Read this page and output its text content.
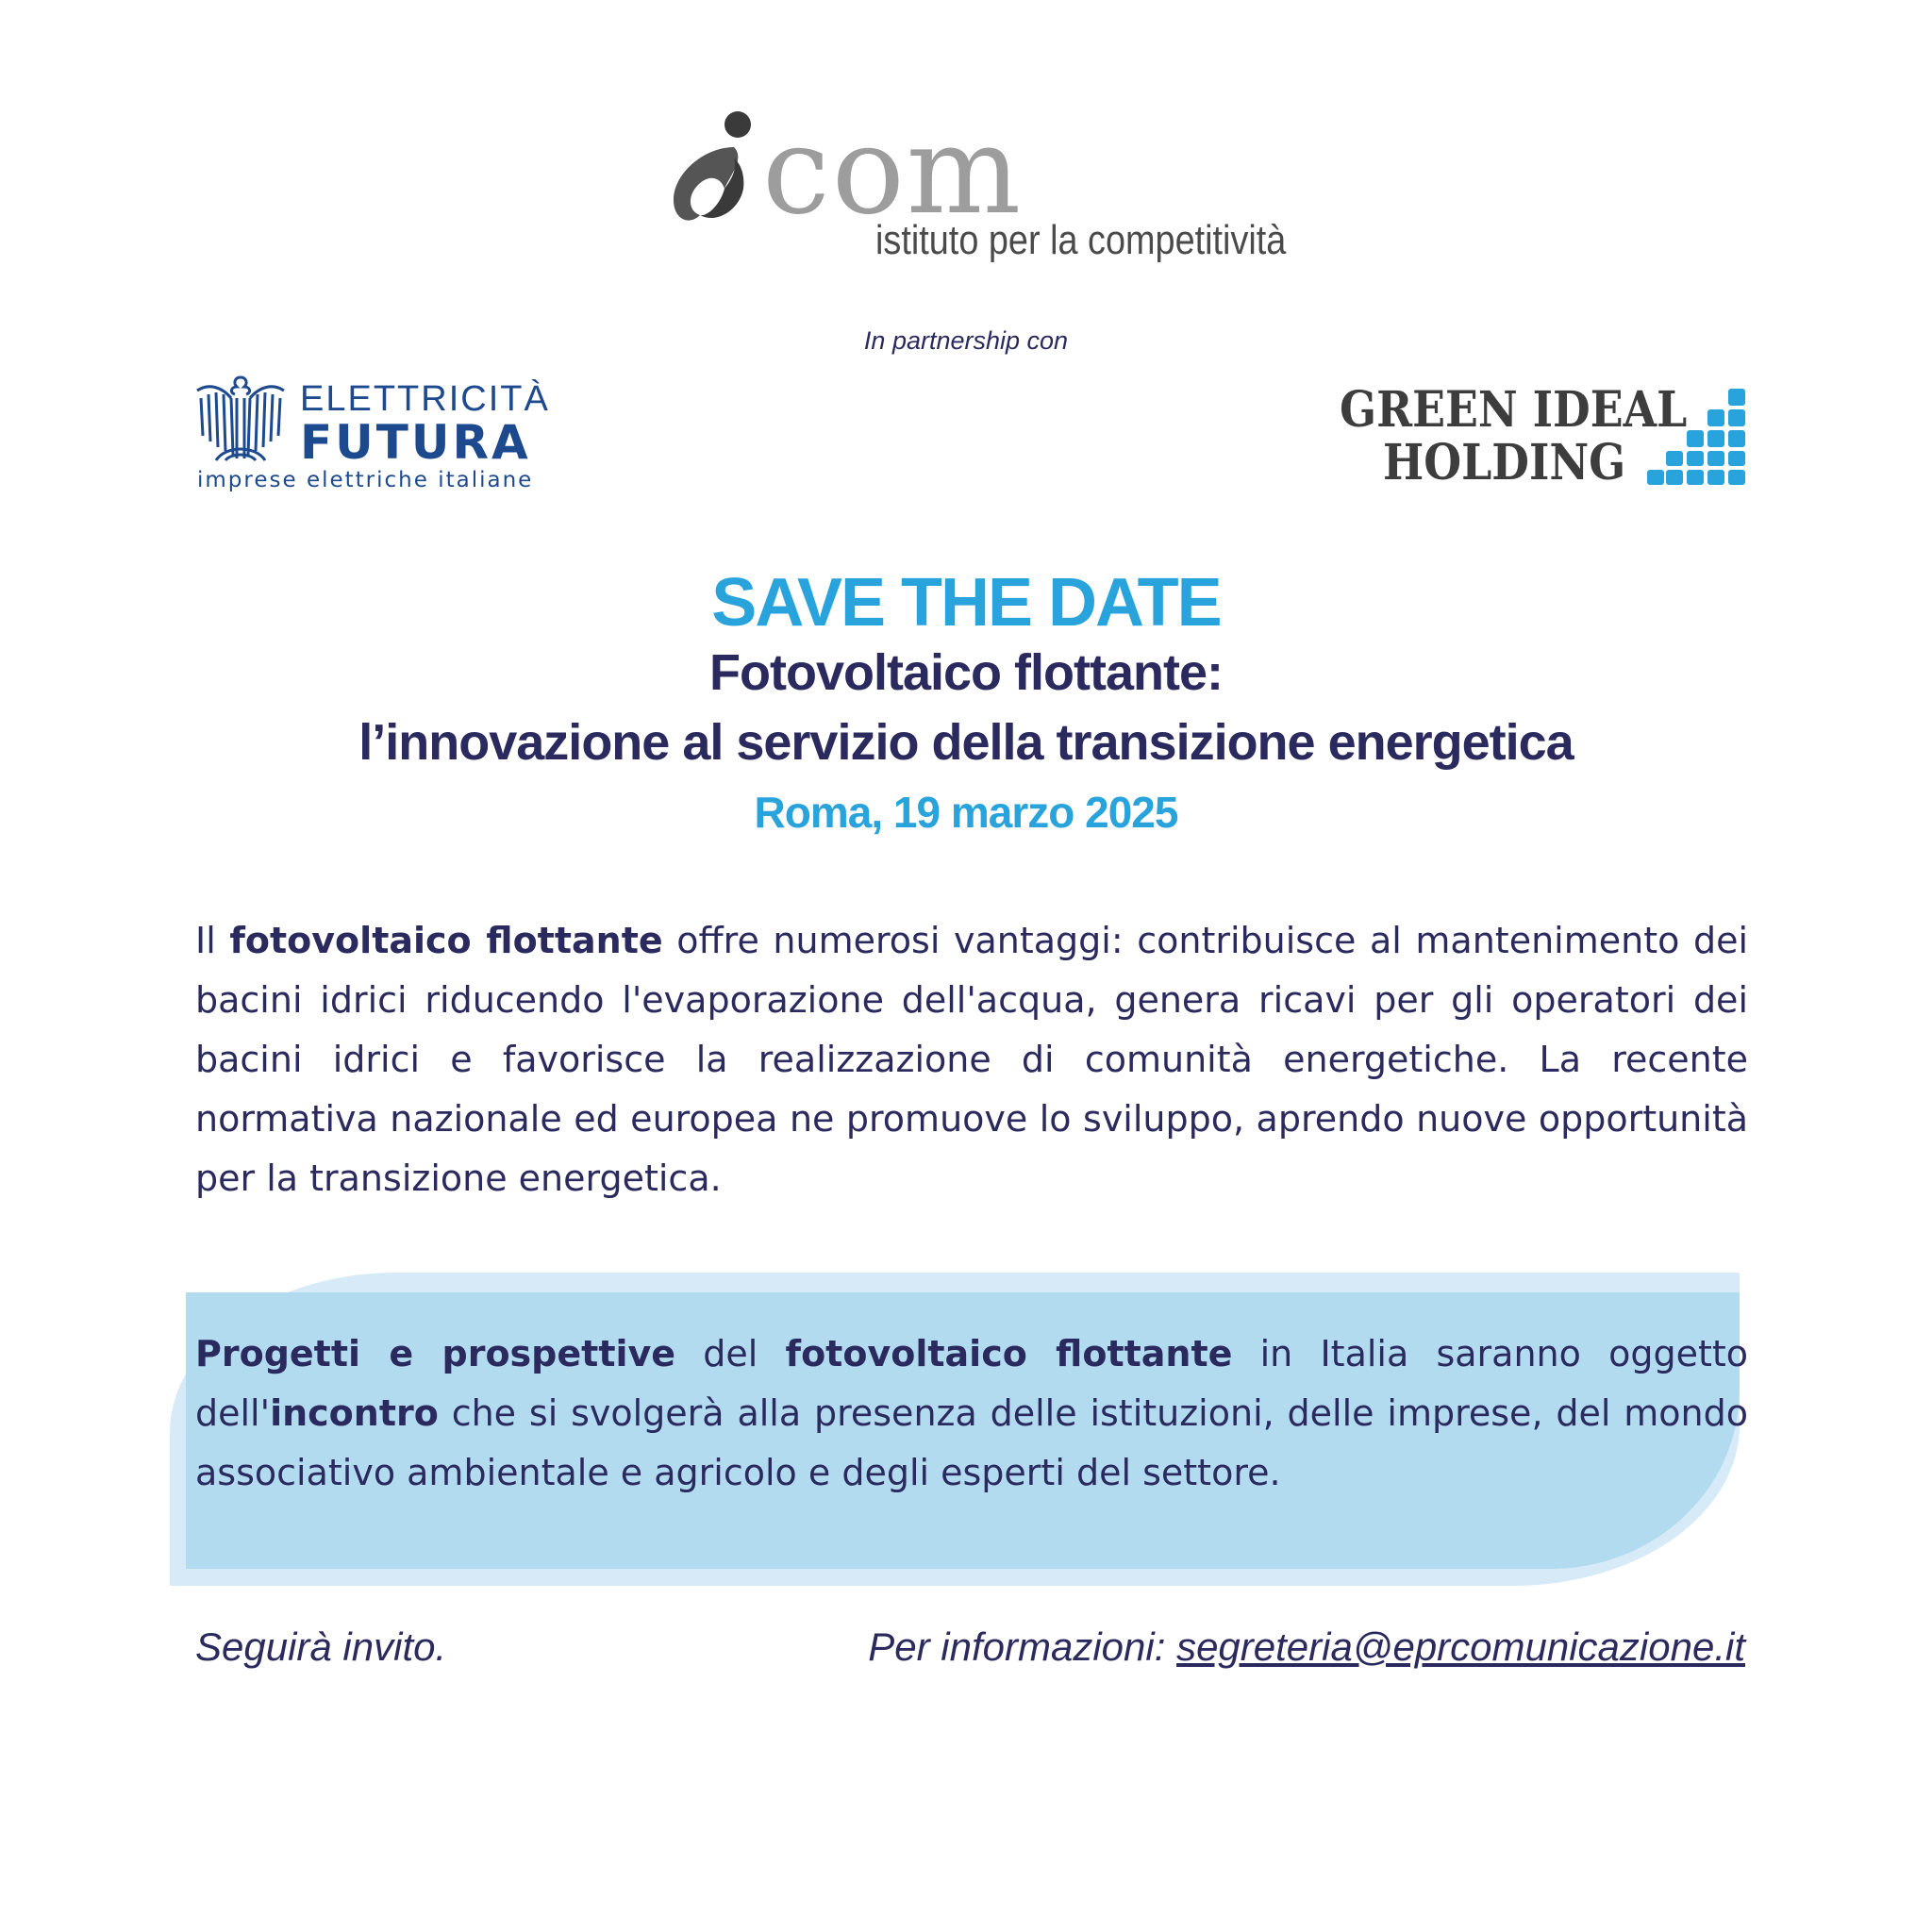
com
istituto per la competitività
In partnership con
ELETTRICITÀ
FUTURA
imprese elettriche italiane
GREEN IDEAL
HOLDING
SAVE THE DATE
Fotovoltaico flottante:
l’innovazione al servizio della transizione energetica
Roma, 19 marzo 2025
Il fotovoltaico flottante offre numerosi vantaggi: contribuisce al mantenimento dei bacini idrici riducendo l'evaporazione dell'acqua, genera ricavi per gli operatori dei bacini idrici e favorisce la realizzazione di comunità energetiche. La recente normativa nazionale ed europea ne promuove lo sviluppo, aprendo nuove opportunità per la transizione energetica.
Progetti e prospettive del fotovoltaico flottante in Italia saranno oggetto dell'incontro che si svolgerà alla presenza delle istituzioni, delle imprese, del mondo associativo ambientale e agricolo e degli esperti del settore.
Seguirà invito.	Per informazioni: segreteria@eprcomunicazione.it
